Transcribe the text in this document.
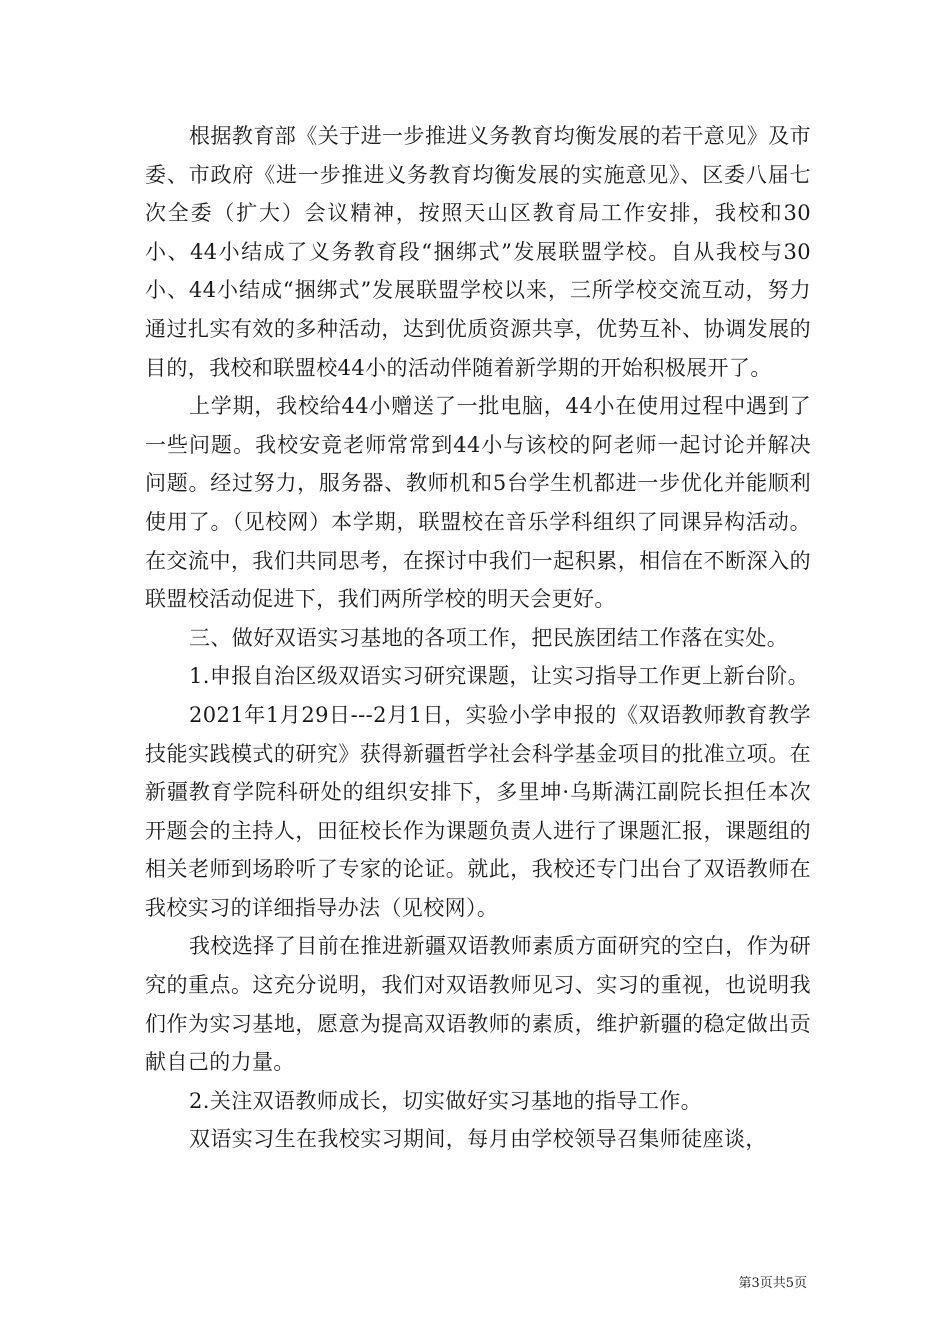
根据教育部《关于进一步推进义务教育均衡发展的若干意见》及市委、市政府《进一步推进义务教育均衡发展的实施意见》、区委八届七次全委（扩大）会议精神，按照天山区教育局工作安排，我校和30小、44小结成了义务教育段“捆绑式”发展联盟学校。自从我校与30小、44小结成“捆绑式”发展联盟学校以来，三所学校交流互动，努力通过扎实有效的多种活动，达到优质资源共享，优势互补、协调发展的目的，我校和联盟校44小的活动伴随着新学期的开始积极展开了。

上学期，我校给44小赠送了一批电脑，44小在使用过程中遇到了一些问题。我校安竟老师常常到44小与该校的阿老师一起讨论并解决问题。经过努力，服务器、教师机和5台学生机都进一步优化并能顺利使用了。（见校网）本学期，联盟校在音乐学科组织了同课异构活动。在交流中，我们共同思考，在探讨中我们一起积累，相信在不断深入的联盟校活动促进下，我们两所学校的明天会更好。

三、做好双语实习基地的各项工作，把民族团结工作落在实处。

1.申报自治区级双语实习研究课题，让实习指导工作更上新台阶。

2021年1月29日---2月1日，实验小学申报的《双语教师教育教学技能实践模式的研究》获得新疆哲学社会科学基金项目的批准立项。在新疆教育学院科研处的组织安排下，多里坤·乌斯满江副院长担任本次开题会的主持人，田征校长作为课题负责人进行了课题汇报，课题组的相关老师到场聆听了专家的论证。就此，我校还专门出台了双语教师在我校实习的详细指导办法（见校网）。

我校选择了目前在推进新疆双语教师素质方面研究的空白，作为研究的重点。这充分说明，我们对双语教师见习、实习的重视，也说明我们作为实习基地，愿意为提高双语教师的素质，维护新疆的稳定做出贡献自己的力量。

2.关注双语教师成长，切实做好实习基地的指导工作。

双语实习生在我校实习期间，每月由学校领导召集师徒座谈，

第3页共5页
